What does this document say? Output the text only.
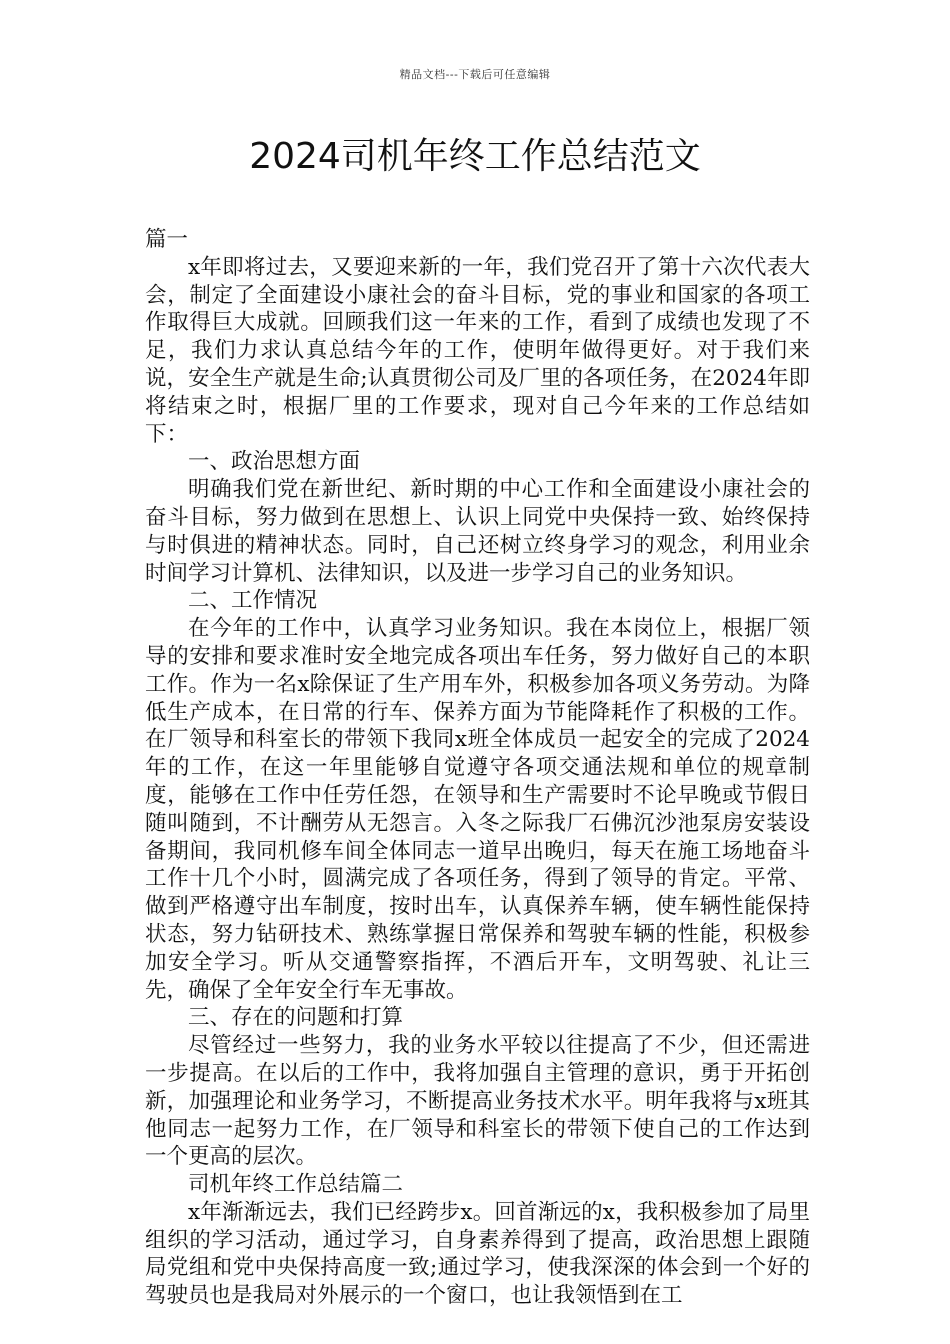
精品文档---下载后可任意编辑
2024司机年终工作总结范文

篇一

x年即将过去，又要迎来新的一年，我们党召开了第十六次代表大会，制定了全面建设小康社会的奋斗目标，党的事业和国家的各项工作取得巨大成就。回顾我们这一年来的工作，看到了成绩也发现了不足，我们力求认真总结今年的工作，使明年做得更好。对于我们来说，安全生产就是生命;认真贯彻公司及厂里的各项任务，在2024年即将结束之时，根据厂里的工作要求，现对自己今年来的工作总结如下：

一、政治思想方面

明确我们党在新世纪、新时期的中心工作和全面建设小康社会的奋斗目标，努力做到在思想上、认识上同党中央保持一致、始终保持与时俱进的精神状态。同时，自己还树立终身学习的观念，利用业余时间学习计算机、法律知识，以及进一步学习自己的业务知识。

二、工作情况

在今年的工作中，认真学习业务知识。我在本岗位上，根据厂领导的安排和要求准时安全地完成各项出车任务，努力做好自己的本职工作。作为一名x除保证了生产用车外，积极参加各项义务劳动。为降低生产成本，在日常的行车、保养方面为节能降耗作了积极的工作。在厂领导和科室长的带领下我同x班全体成员一起安全的完成了2024年的工作，在这一年里能够自觉遵守各项交通法规和单位的规章制度，能够在工作中任劳任怨，在领导和生产需要时不论早晚或节假日随叫随到，不计酬劳从无怨言。入冬之际我厂石佛沉沙池泵房安装设备期间，我同机修车间全体同志一道早出晚归，每天在施工场地奋斗工作十几个小时，圆满完成了各项任务，得到了领导的肯定。平常、做到严格遵守出车制度，按时出车，认真保养车辆，使车辆性能保持状态，努力钻研技术、熟练掌握日常保养和驾驶车辆的性能，积极参加安全学习。听从交通警察指挥，不酒后开车，文明驾驶、礼让三先，确保了全年安全行车无事故。

三、存在的问题和打算

尽管经过一些努力，我的业务水平较以往提高了不少，但还需进一步提高。在以后的工作中，我将加强自主管理的意识，勇于开拓创新，加强理论和业务学习，不断提高业务技术水平。明年我将与x班其他同志一起努力工作，在厂领导和科室长的带领下使自己的工作达到一个更高的层次。

司机年终工作总结篇二

x年渐渐远去，我们已经跨步x。回首渐远的x，我积极参加了局里组织的学习活动，通过学习，自身素养得到了提高，政治思想上跟随局党组和党中央保持高度一致;通过学习，使我深深的体会到一个好的驾驶员也是我局对外展示的一个窗口，也让我领悟到在工
